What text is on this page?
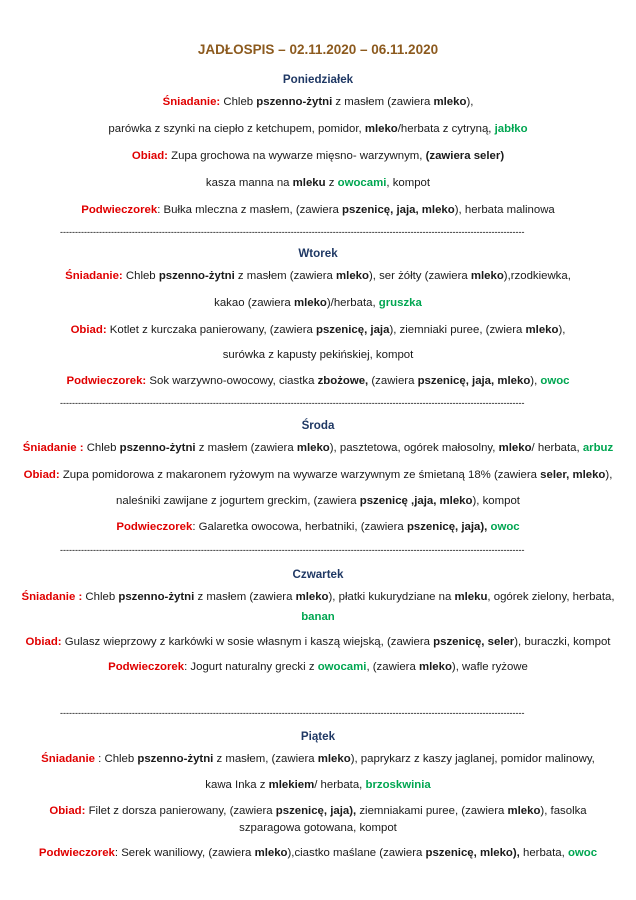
JADŁOSPIS – 02.11.2020 – 06.11.2020
Poniedziałek
Śniadanie: Chleb pszenno-żytni z masłem (zawiera mleko),
parówka z szynki na ciepło z ketchupem, pomidor, mleko/herbata z cytryną, jabłko
Obiad: Zupa grochowa na wywarze mięsno- warzywnym, (zawiera seler)
kasza manna na mleku z owocami, kompot
Podwieczorek: Bułka mleczna z masłem, (zawiera pszenicę, jaja, mleko), herbata malinowa
-----------------------------------------------------------------------------------------------------------------------------------------------------------
Wtorek
Śniadanie: Chleb pszenno-żytni z masłem (zawiera mleko), ser żółty (zawiera mleko),rzodkiewka,
kakao (zawiera mleko)/herbata, gruszka
Obiad: Kotlet z kurczaka panierowany, (zawiera pszenicę, jaja), ziemniaki puree, (zwiera mleko),
surówka z kapusty pekińskiej, kompot
Podwieczorek: Sok warzywno-owocowy, ciastka zbożowe, (zawiera pszenicę, jaja, mleko), owoc
-----------------------------------------------------------------------------------------------------------------------------------------------------------
Środa
Śniadanie : Chleb pszenno-żytni z masłem (zawiera mleko), pasztetowa, ogórek małosolny, mleko/ herbata, arbuz
Obiad: Zupa pomidorowa z makaronem ryżowym na wywarze warzywnym ze śmietaną 18% (zawiera seler, mleko),
naleśniki zawijane z jogurtem greckim, (zawiera pszenicę ,jaja, mleko), kompot
Podwieczorek: Galaretka owocowa, herbatniki, (zawiera pszenicę, jaja), owoc
-----------------------------------------------------------------------------------------------------------------------------------------------------------
Czwartek
Śniadanie : Chleb pszenno-żytni z masłem (zawiera mleko), płatki kukurydziane na mleku, ogórek zielony, herbata,
banan
Obiad: Gulasz wieprzowy z karkówki w sosie własnym i kaszą wiejską, (zawiera pszenicę, seler), buraczki, kompot
Podwieczorek: Jogurt naturalny grecki z owocami, (zawiera mleko), wafle ryżowe
-----------------------------------------------------------------------------------------------------------------------------------------------------------
Piątek
Śniadanie : Chleb pszenno-żytni z masłem, (zawiera mleko), paprykarz z kaszy jaglanej, pomidor malinowy,
kawa Inka z mlekiem/ herbata, brzoskwinia
Obiad: Filet z dorsza panierowany, (zawiera pszenicę, jaja), ziemniakami puree, (zawiera mleko), fasolka
szparagowa gotowana, kompot
Podwieczorek: Serek waniliowy, (zawiera mleko),ciastko maślane (zawiera pszenicę, mleko), herbata, owoc
